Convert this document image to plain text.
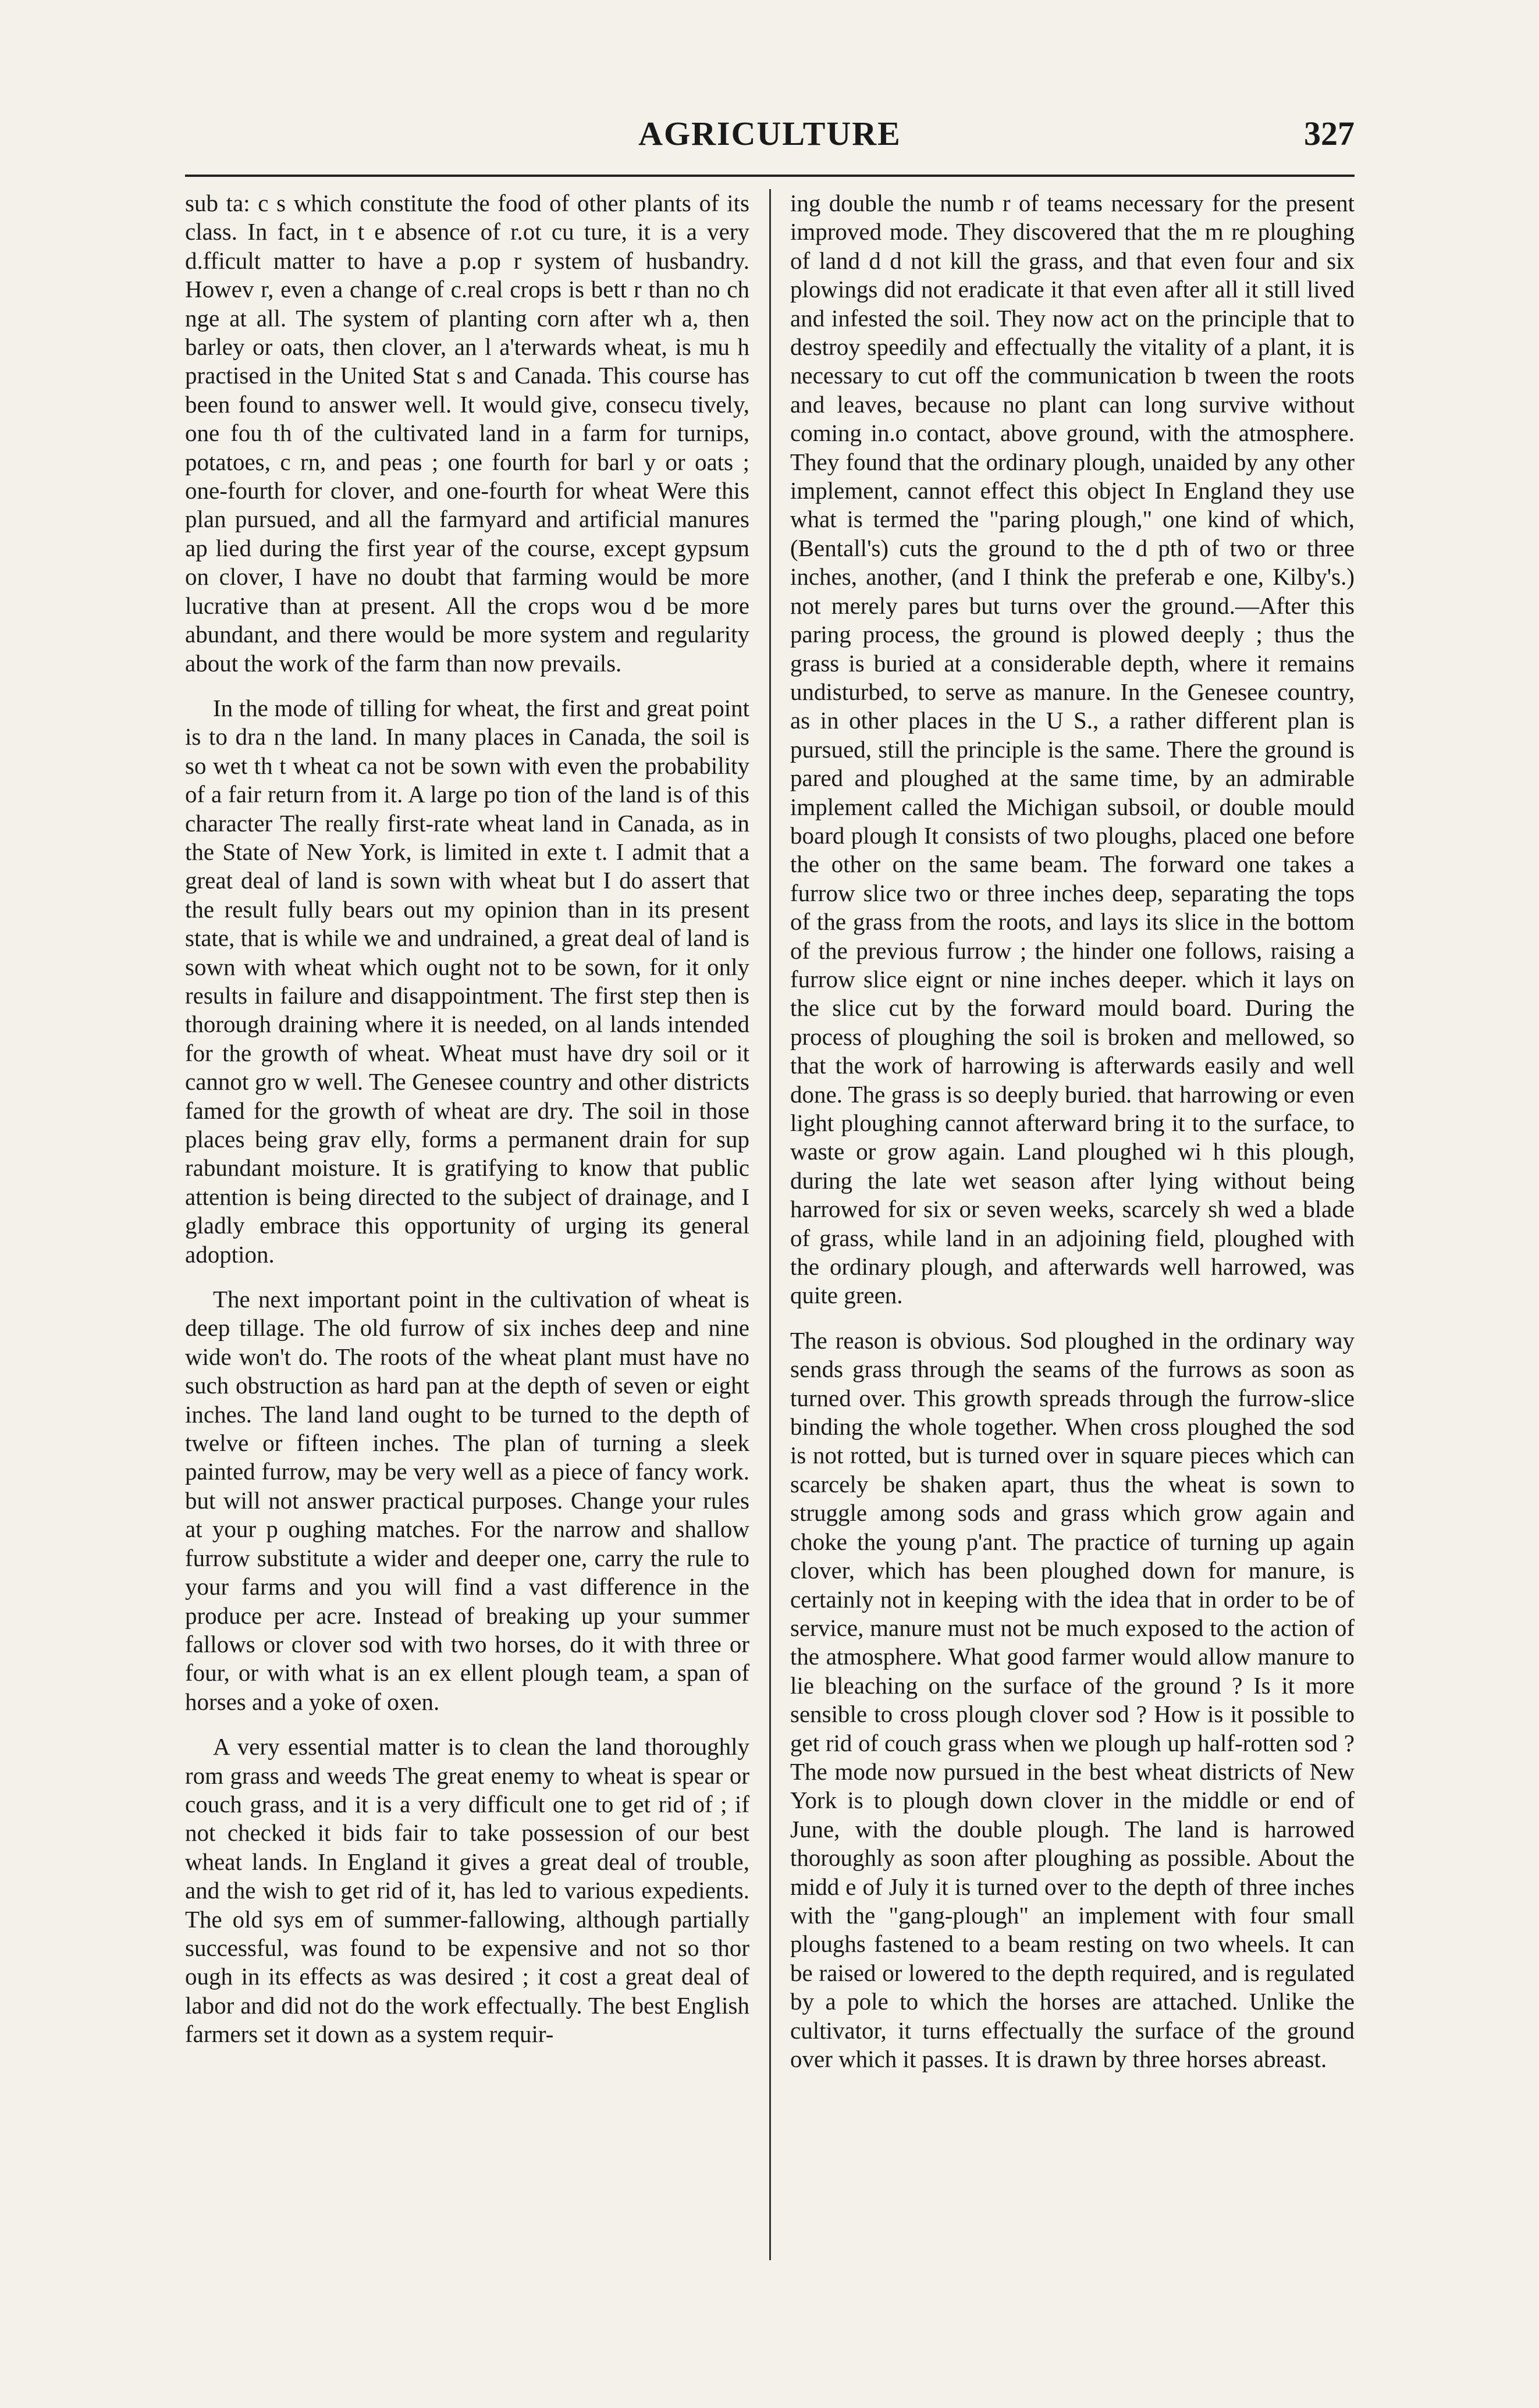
AGRICULTURE	327

sub ta: c s which constitute the food of other plants of its class. In fact, in t e absence of r.ot cu ture, it is a very d.fficult matter to have a p.op r system of husbandry. Howev r, even a change of c.real crops is bett r than no ch nge at all. The system of planting corn after wh a, then barley or oats, then clover, an l a'terwards wheat, is mu h practised in the United Stat s and Canada. This course has been found to answer well. It would give, consecu tively, one fou th of the cultivated land in a farm for turnips, potatoes, c rn, and peas ; one fourth for barl y or oats ; one-fourth for clover, and one-fourth for wheat Were this plan pursued, and all the farmyard and artificial manures ap lied during the first year of the course, except gypsum on clover, I have no doubt that farming would be more lucrative than at present. All the crops wou d be more abundant, and there would be more system and regularity about the work of the farm than now prevails.

In the mode of tilling for wheat, the first and great point is to dra n the land. In many places in Canada, the soil is so wet th t wheat ca not be sown with even the probability of a fair return from it. A large po tion of the land is of this character The really first-rate wheat land in Canada, as in the State of New York, is limited in exte t. I admit that a great deal of land is sown with wheat but I do assert that the result fully bears out my opinion than in its present state, that is while we and undrained, a great deal of land is sown with wheat which ought not to be sown, for it only results in failure and disappointment. The first step then is thorough draining where it is needed, on al lands intended for the growth of wheat. Wheat must have dry soil or it cannot gro w well. The Genesee country and other districts famed for the growth of wheat are dry. The soil in those places being grav elly, forms a permanent drain for sup rabundant moisture. It is gratifying to know that public attention is being directed to the subject of drainage, and I gladly embrace this opportunity of urging its general adoption.

The next important point in the cultivation of wheat is deep tillage. The old furrow of six inches deep and nine wide won't do. The roots of the wheat plant must have no such obstruction as hard pan at the depth of seven or eight inches. The land land ought to be turned to the depth of twelve or fifteen inches. The plan of turning a sleek painted furrow, may be very well as a piece of fancy work. but will not answer practical purposes. Change your rules at your p oughing matches. For the narrow and shallow furrow substitute a wider and deeper one, carry the rule to your farms and you will find a vast difference in the produce per acre. Instead of breaking up your summer fallows or clover sod with two horses, do it with three or four, or with what is an ex ellent plough team, a span of horses and a yoke of oxen.

A very essential matter is to clean the land thoroughly rom grass and weeds The great enemy to wheat is spear or couch grass, and it is a very difficult one to get rid of ; if not checked it bids fair to take possession of our best wheat lands. In England it gives a great deal of trouble, and the wish to get rid of it, has led to various expedients. The old sys em of summer-fallowing, although partially successful, was found to be expensive and not so thor ough in its effects as was desired ; it cost a great deal of labor and did not do the work effectually. The best English farmers set it down as a system requir-

ing double the numb r of teams necessary for the present improved mode. They discovered that the m re ploughing of land d d not kill the grass, and that even four and six plowings did not eradicate it that even after all it still lived and infested the soil. They now act on the principle that to destroy speedily and effectually the vitality of a plant, it is necessary to cut off the communication b tween the roots and leaves, because no plant can long survive without coming in.o contact, above ground, with the atmosphere. They found that the ordinary plough, unaided by any other implement, cannot effect this object In England they use what is termed the "paring plough," one kind of which, (Bentall's) cuts the ground to the d pth of two or three inches, another, (and I think the preferab e one, Kilby's.) not merely pares but turns over the ground.—After this paring process, the ground is plowed deeply ; thus the grass is buried at a considerable depth, where it remains undisturbed, to serve as manure. In the Genesee country, as in other places in the U S., a rather different plan is pursued, still the principle is the same. There the ground is pared and ploughed at the same time, by an admirable implement called the Michigan subsoil, or double mould board plough It consists of two ploughs, placed one before the other on the same beam. The forward one takes a furrow slice two or three inches deep, separating the tops of the grass from the roots, and lays its slice in the bottom of the previous furrow ; the hinder one follows, raising a furrow slice eignt or nine inches deeper. which it lays on the slice cut by the forward mould board. During the process of ploughing the soil is broken and mellowed, so that the work of harrowing is afterwards easily and well done. The grass is so deeply buried. that harrowing or even light ploughing cannot afterward bring it to the surface, to waste or grow again. Land ploughed wi h this plough, during the late wet season after lying without being harrowed for six or seven weeks, scarcely sh wed a blade of grass, while land in an adjoining field, ploughed with the ordinary plough, and afterwards well harrowed, was quite green.

The reason is obvious. Sod ploughed in the ordinary way sends grass through the seams of the furrows as soon as turned over. This growth spreads through the furrow-slice binding the whole together. When cross ploughed the sod is not rotted, but is turned over in square pieces which can scarcely be shaken apart, thus the wheat is sown to struggle among sods and grass which grow again and choke the young p'ant. The practice of turning up again clover, which has been ploughed down for manure, is certainly not in keeping with the idea that in order to be of service, manure must not be much exposed to the action of the atmosphere. What good farmer would allow manure to lie bleaching on the surface of the ground ? Is it more sensible to cross plough clover sod ? How is it possible to get rid of couch grass when we plough up half-rotten sod ? The mode now pursued in the best wheat districts of New York is to plough down clover in the middle or end of June, with the double plough. The land is harrowed thoroughly as soon after ploughing as possible. About the midd e of July it is turned over to the depth of three inches with the "gang-plough" an implement with four small ploughs fastened to a beam resting on two wheels. It can be raised or lowered to the depth required, and is regulated by a pole to which the horses are attached. Unlike the cultivator, it turns effectually the surface of the ground over which it passes. It is drawn by three horses abreast.
